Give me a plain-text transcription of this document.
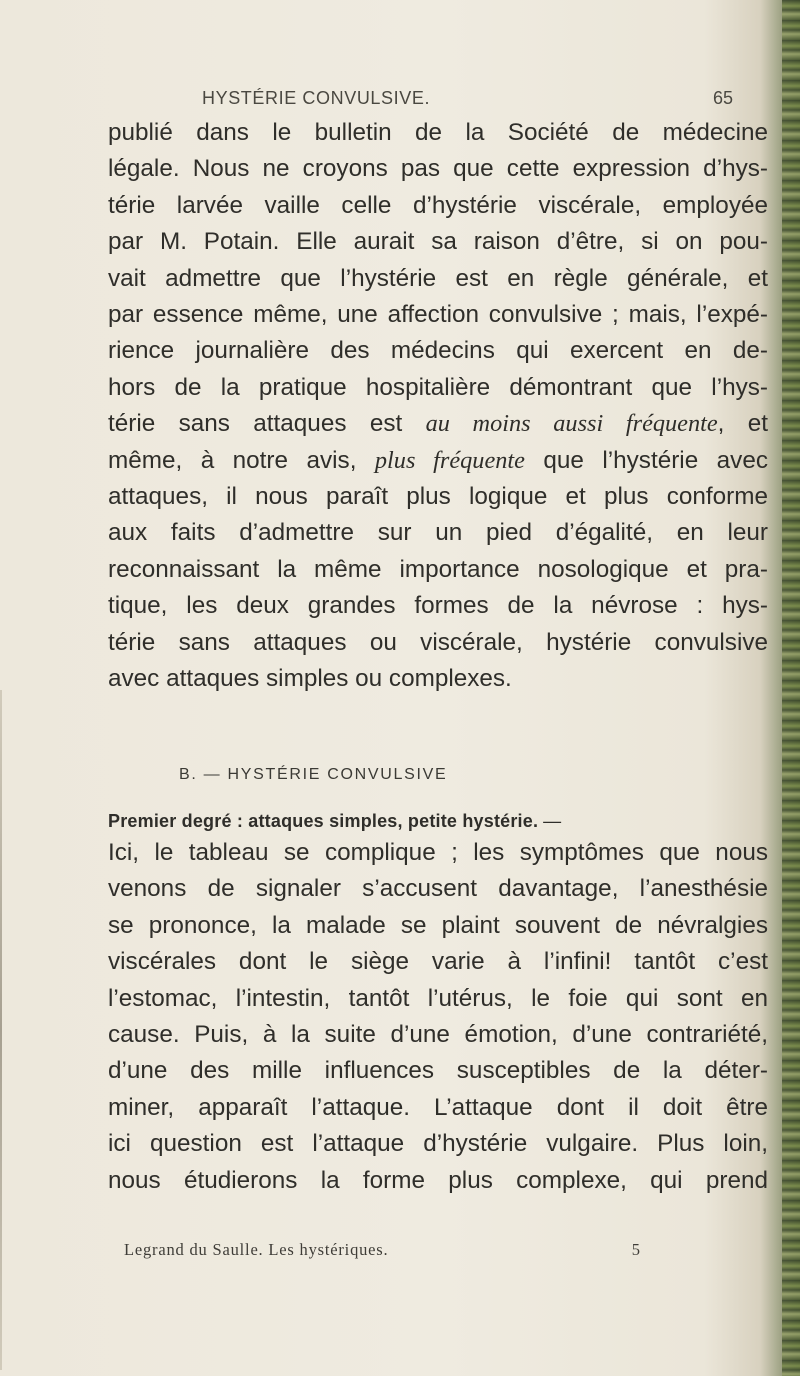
HYSTÉRIE CONVULSIVE.	65
publié dans le bulletin de la Société de médecine
légale. Nous ne croyons pas que cette expression d’hys-
térie larvée vaille celle d’hystérie viscérale, employée
par M. Potain. Elle aurait sa raison d’être, si on pou-
vait admettre que l’hystérie est en règle générale, et
par essence même, une affection convulsive ; mais, l’expé-
rience journalière des médecins qui exercent en de-
hors de la pratique hospitalière démontrant que l’hys-
térie sans attaques est au moins aussi fréquente, et
même, à notre avis, plus fréquente que l’hystérie avec
attaques, il nous paraît plus logique et plus conforme
aux faits d’admettre sur un pied d’égalité, en leur
reconnaissant la même importance nosologique et pra-
tique, les deux grandes formes de la névrose : hys-
térie sans attaques ou viscérale, hystérie convulsive
avec attaques simples ou complexes.
B. — HYSTÉRIE CONVULSIVE
Premier degré : attaques simples, petite hystérie. —
Ici, le tableau se complique ; les symptômes que nous
venons de signaler s’accusent davantage, l’anesthésie
se prononce, la malade se plaint souvent de névralgies
viscérales dont le siège varie à l’infini! tantôt c’est
l’estomac, l’intestin, tantôt l’utérus, le foie qui sont en
cause. Puis, à la suite d’une émotion, d’une contrariété,
d’une des mille influences susceptibles de la déter-
miner, apparaît l’attaque. L’attaque dont il doit être
ici question est l’attaque d’hystérie vulgaire. Plus loin,
nous étudierons la forme plus complexe, qui prend
Legrand du Saulle. Les hystériques.	5
